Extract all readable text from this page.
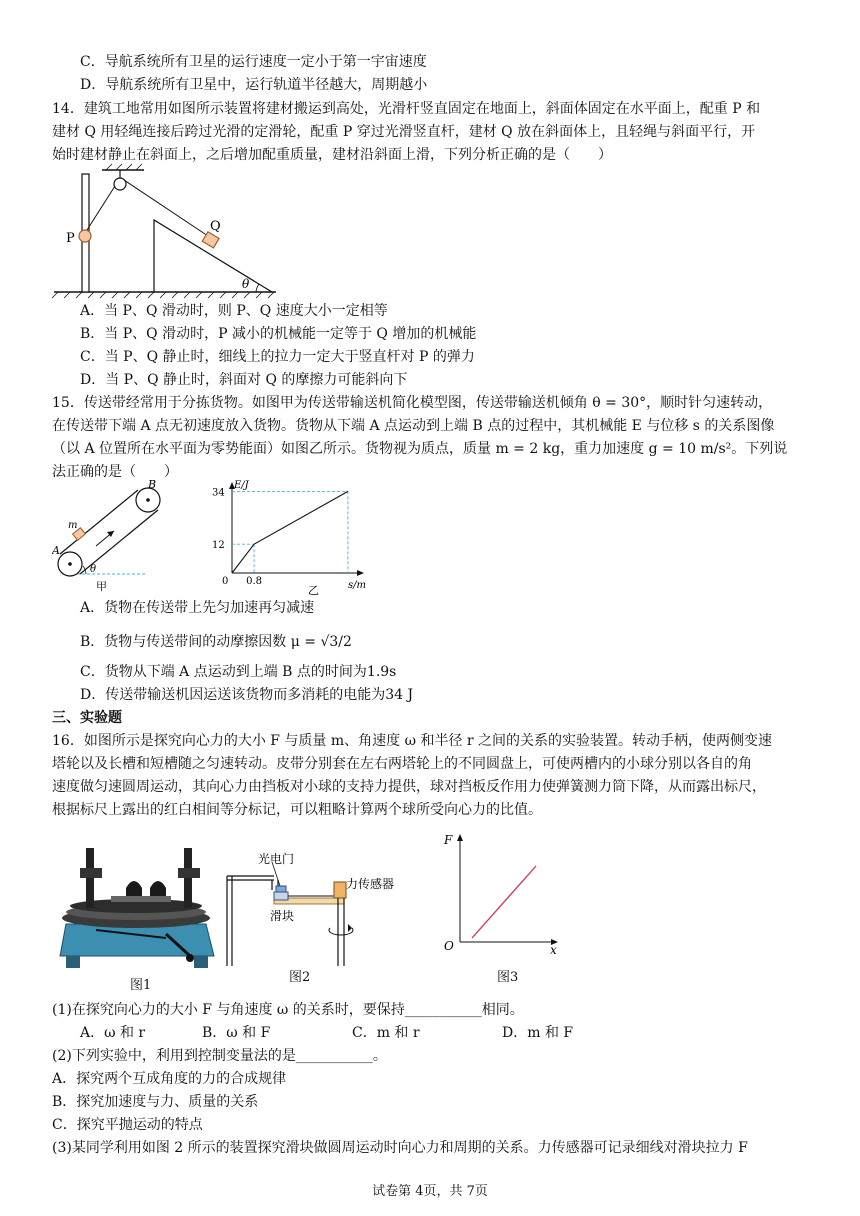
C．导航系统所有卫星的运行速度一定小于第一宇宙速度
D．导航系统所有卫星中，运行轨道半径越大，周期越小
14．建筑工地常用如图所示装置将建材搬运到高处，光滑杆竖直固定在地面上，斜面体固定在水平面上，配重 P 和
建材 Q 用轻绳连接后跨过光滑的定滑轮，配重 P 穿过光滑竖直杆，建材 Q 放在斜面体上，且轻绳与斜面平行，开
始时建材静止在斜面上，之后增加配重质量，建材沿斜面上滑，下列分析正确的是（　　）
P
Q
θ
A．当 P、Q 滑动时，则 P、Q 速度大小一定相等
B．当 P、Q 滑动时，P 减小的机械能一定等于 Q 增加的机械能
C．当 P、Q 静止时，细线上的拉力一定大于竖直杆对 P 的弹力
D．当 P、Q 静止时，斜面对 Q 的摩擦力可能斜向下
15．传送带经常用于分拣货物。如图甲为传送带输送机简化模型图，传送带输送机倾角 θ = 30°，顺时针匀速转动，
在传送带下端 A 点无初速度放入货物。货物从下端 A 点运动到上端 B 点的过程中，其机械能 E 与位移 s 的关系图像
（以 A 位置所在水平面为零势能面）如图乙所示。货物视为质点，质量 m = 2 kg，重力加速度 g = 10 m/s²。下列说
法正确的是（　　）
θ
A
B
m
甲
E/J
s/m
0
12
34
0.8
乙
A．货物在传送带上先匀加速再匀减速
B．货物与传送带间的动摩擦因数 μ = √3/2
C．货物从下端 A 点运动到上端 B 点的时间为1.9s
D．传送带输送机因运送该货物而多消耗的电能为34 J
三、实验题
16．如图所示是探究向心力的大小 F 与质量 m、角速度 ω 和半径 r 之间的关系的实验装置。转动手柄，使两侧变速
塔轮以及长槽和短槽随之匀速转动。皮带分别套在左右两塔轮上的不同圆盘上，可使两槽内的小球分别以各自的角
速度做匀速圆周运动，其向心力由挡板对小球的支持力提供，球对挡板反作用力使弹簧测力筒下降，从而露出标尺，
根据标尺上露出的红白相间等分标记，可以粗略计算两个球所受向心力的比值。
图1
光电门
滑块
力传感器
图2
F
x
O
图3
(1)在探究向心力的大小 F 与角速度 ω 的关系时，要保持___________相同。
A．ω 和 r	B．ω 和 F	C．m 和 r	D．m 和 F
(2)下列实验中，利用到控制变量法的是___________。
A．探究两个互成角度的力的合成规律
B．探究加速度与力、质量的关系
C．探究平抛运动的特点
(3)某同学利用如图 2 所示的装置探究滑块做圆周运动时向心力和周期的关系。力传感器可记录细线对滑块拉力 F
试卷第 4页，共 7页
